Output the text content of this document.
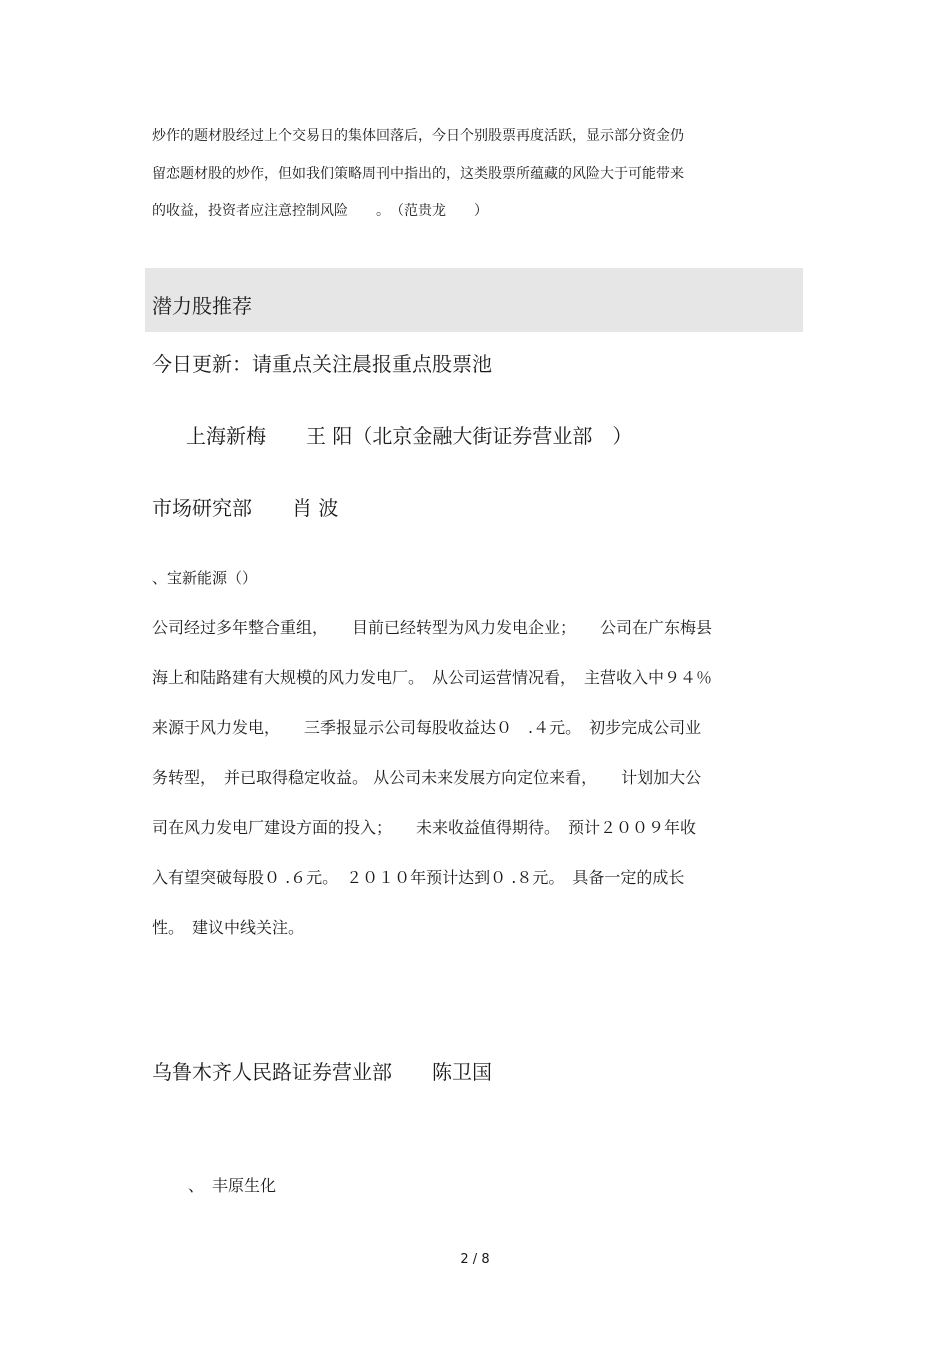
炒作的题材股经过上个交易日的集体回落后，今日个别股票再度活跃，显示部分资金仍
留恋题材股的炒作，但如我们策略周刊中指出的，这类股票所蕴藏的风险大于可能带来
的收益，投资者应注意控制风险　　。　（范贵龙　　）
潜力股推荐
今日更新：请重点关注晨报重点股票池
上海新梅　　王 阳（北京金融大街证券营业部　）
市场研究部　　肖 波
、宝新能源（）
公司经过多年整合重组，　　目前已经转型为风力发电企业；　　公司在广东梅县
海上和陆路建有大规模的风力发电厂。　从公司运营情况看，　主营收入中９４％
来源于风力发电，　　三季报显示公司每股收益达０　.４元。　初步完成公司业
务转型，　并已取得稳定收益。 从公司未来发展方向定位来看，　　计划加大公
司在风力发电厂建设方面的投入；　　未来收益值得期待。　预计２００９年收
入有望突破每股０ .６元。　２０１０年预计达到０ .８元。　具备一定的成长
性。　建议中线关注。
乌鲁木齐人民路证券营业部　　陈卫国
、　丰原生化
2 / 8
